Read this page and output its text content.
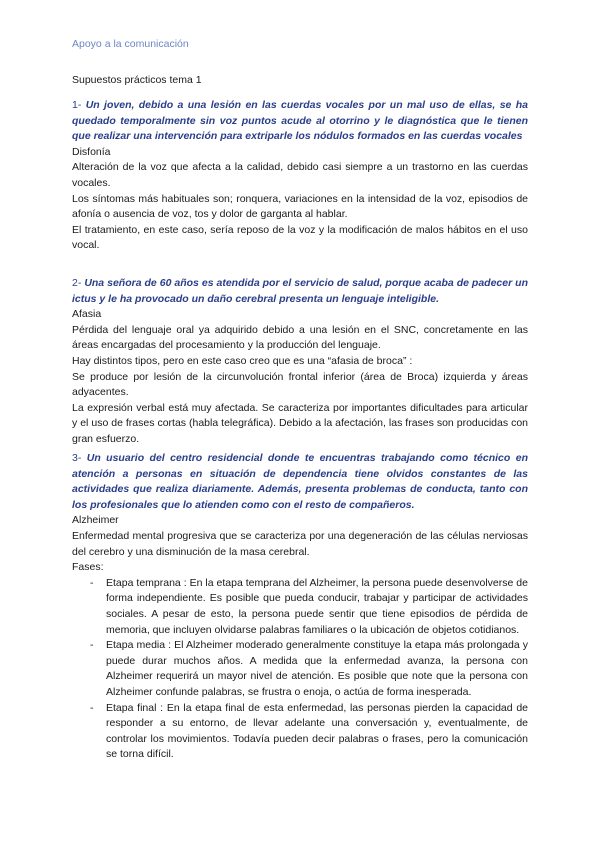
Apoyo a la comunicación
Supuestos prácticos tema 1

1- Un joven, debido a una lesión en las cuerdas vocales por un mal uso de ellas, se ha quedado temporalmente sin voz puntos acude al otorrino y le diagnóstica que le tienen que realizar una intervención para extriparle los nódulos formados en las cuerdas vocales

Disfonía

Alteración de la voz que afecta a la calidad, debido casi siempre a un trastorno en las cuerdas vocales.

Los síntomas más habituales son; ronquera, variaciones en la intensidad de la voz, episodios de afonía o ausencia de voz, tos y dolor de garganta al hablar.

El tratamiento, en este caso, sería reposo de la voz y la modificación de malos hábitos en el uso vocal.

2- Una señora de 60 años es atendida por el servicio de salud, porque acaba de padecer un ictus y le ha provocado un daño cerebral presenta un lenguaje inteligible.

Afasia

Pérdida del lenguaje oral ya adquirido debido a una lesión en el SNC, concretamente en las áreas encargadas del procesamiento y la producción del lenguaje.

Hay distintos tipos, pero en este caso creo que es una “afasia de broca” :

Se produce por lesión de la circunvolución frontal inferior (área de Broca) izquierda y áreas adyacentes.

La expresión verbal está muy afectada. Se caracteriza por importantes dificultades para articular y el uso de frases cortas (habla telegráfica). Debido a la afectación, las frases son producidas con gran esfuerzo.

3- Un usuario del centro residencial donde te encuentras trabajando como técnico en atención a personas en situación de dependencia tiene olvidos constantes de las actividades que realiza diariamente. Además, presenta problemas de conducta, tanto con los profesionales que lo atienden como con el resto de compañeros.

Alzheimer

Enfermedad mental progresiva que se caracteriza por una degeneración de las células nerviosas del cerebro y una disminución de la masa cerebral.

Fases:

- Etapa temprana : En la etapa temprana del Alzheimer, la persona puede desenvolverse de forma independiente. Es posible que pueda conducir, trabajar y participar de actividades sociales. A pesar de esto, la persona puede sentir que tiene episodios de pérdida de memoria, que incluyen olvidarse palabras familiares o la ubicación de objetos cotidianos.
- Etapa media : El Alzheimer moderado generalmente constituye la etapa más prolongada y puede durar muchos años. A medida que la enfermedad avanza, la persona con Alzheimer requerirá un mayor nivel de atención. Es posible que note que la persona con Alzheimer confunde palabras, se frustra o enoja, o actúa de forma inesperada.
- Etapa final : En la etapa final de esta enfermedad, las personas pierden la capacidad de responder a su entorno, de llevar adelante una conversación y, eventualmente, de controlar los movimientos. Todavía pueden decir palabras o frases, pero la comunicación se torna difícil.
